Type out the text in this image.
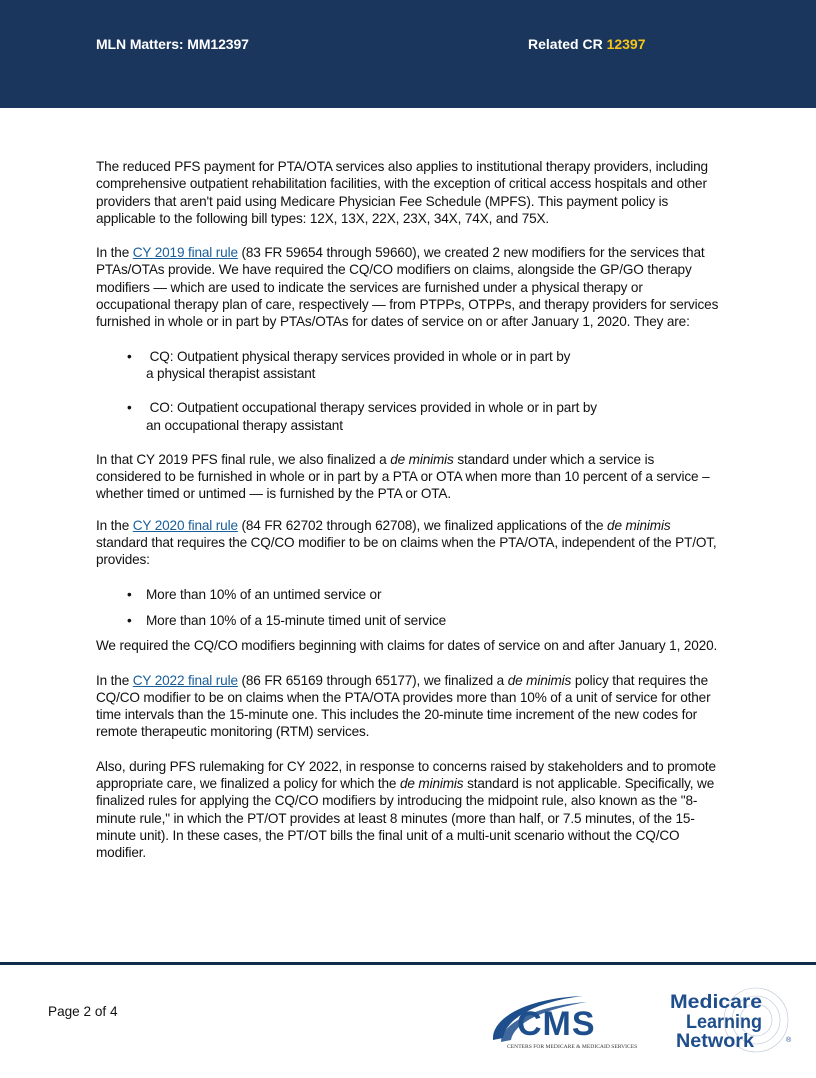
MLN Matters: MM12397	Related CR 12397

The reduced PFS payment for PTA/OTA services also applies to institutional therapy providers, including comprehensive outpatient rehabilitation facilities, with the exception of critical access hospitals and other providers that aren't paid using Medicare Physician Fee Schedule (MPFS). This payment policy is applicable to the following bill types: 12X, 13X, 22X, 23X, 34X, 74X, and 75X.

In the CY 2019 final rule (83 FR 59654 through 59660), we created 2 new modifiers for the services that PTAs/OTAs provide. We have required the CQ/CO modifiers on claims, alongside the GP/GO therapy modifiers — which are used to indicate the services are furnished under a physical therapy or occupational therapy plan of care, respectively — from PTPPs, OTPPs, and therapy providers for services furnished in whole or in part by PTAs/OTAs for dates of service on or after January 1, 2020. They are:

• CQ: Outpatient physical therapy services provided in whole or in part by
a physical therapist assistant
• CO: Outpatient occupational therapy services provided in whole or in part by
an occupational therapy assistant

In that CY 2019 PFS final rule, we also finalized a de minimis standard under which a service is considered to be furnished in whole or in part by a PTA or OTA when more than 10 percent of a service – whether timed or untimed — is furnished by the PTA or OTA.

In the CY 2020 final rule (84 FR 62702 through 62708), we finalized applications of the de minimis standard that requires the CQ/CO modifier to be on claims when the PTA/OTA, independent of the PT/OT, provides:

• More than 10% of an untimed service or
• More than 10% of a 15-minute timed unit of service

We required the CQ/CO modifiers beginning with claims for dates of service on and after January 1, 2020.

In the CY 2022 final rule (86 FR 65169 through 65177), we finalized a de minimis policy that requires the CQ/CO modifier to be on claims when the PTA/OTA provides more than 10% of a unit of service for other time intervals than the 15-minute one. This includes the 20-minute time increment of the new codes for remote therapeutic monitoring (RTM) services.

Also, during PFS rulemaking for CY 2022, in response to concerns raised by stakeholders and to promote appropriate care, we finalized a policy for which the de minimis standard is not applicable. Specifically, we finalized rules for applying the CQ/CO modifiers by introducing the midpoint rule, also known as the "8-minute rule," in which the PT/OT provides at least 8 minutes (more than half, or 7.5 minutes, of the 15-minute unit). In these cases, the PT/OT bills the final unit of a multi-unit scenario without the CQ/CO modifier.

Page 2 of 4	CMS
CENTERS FOR MEDICARE & MEDICAID SERVICES
Medicare
Learning
Network	®
